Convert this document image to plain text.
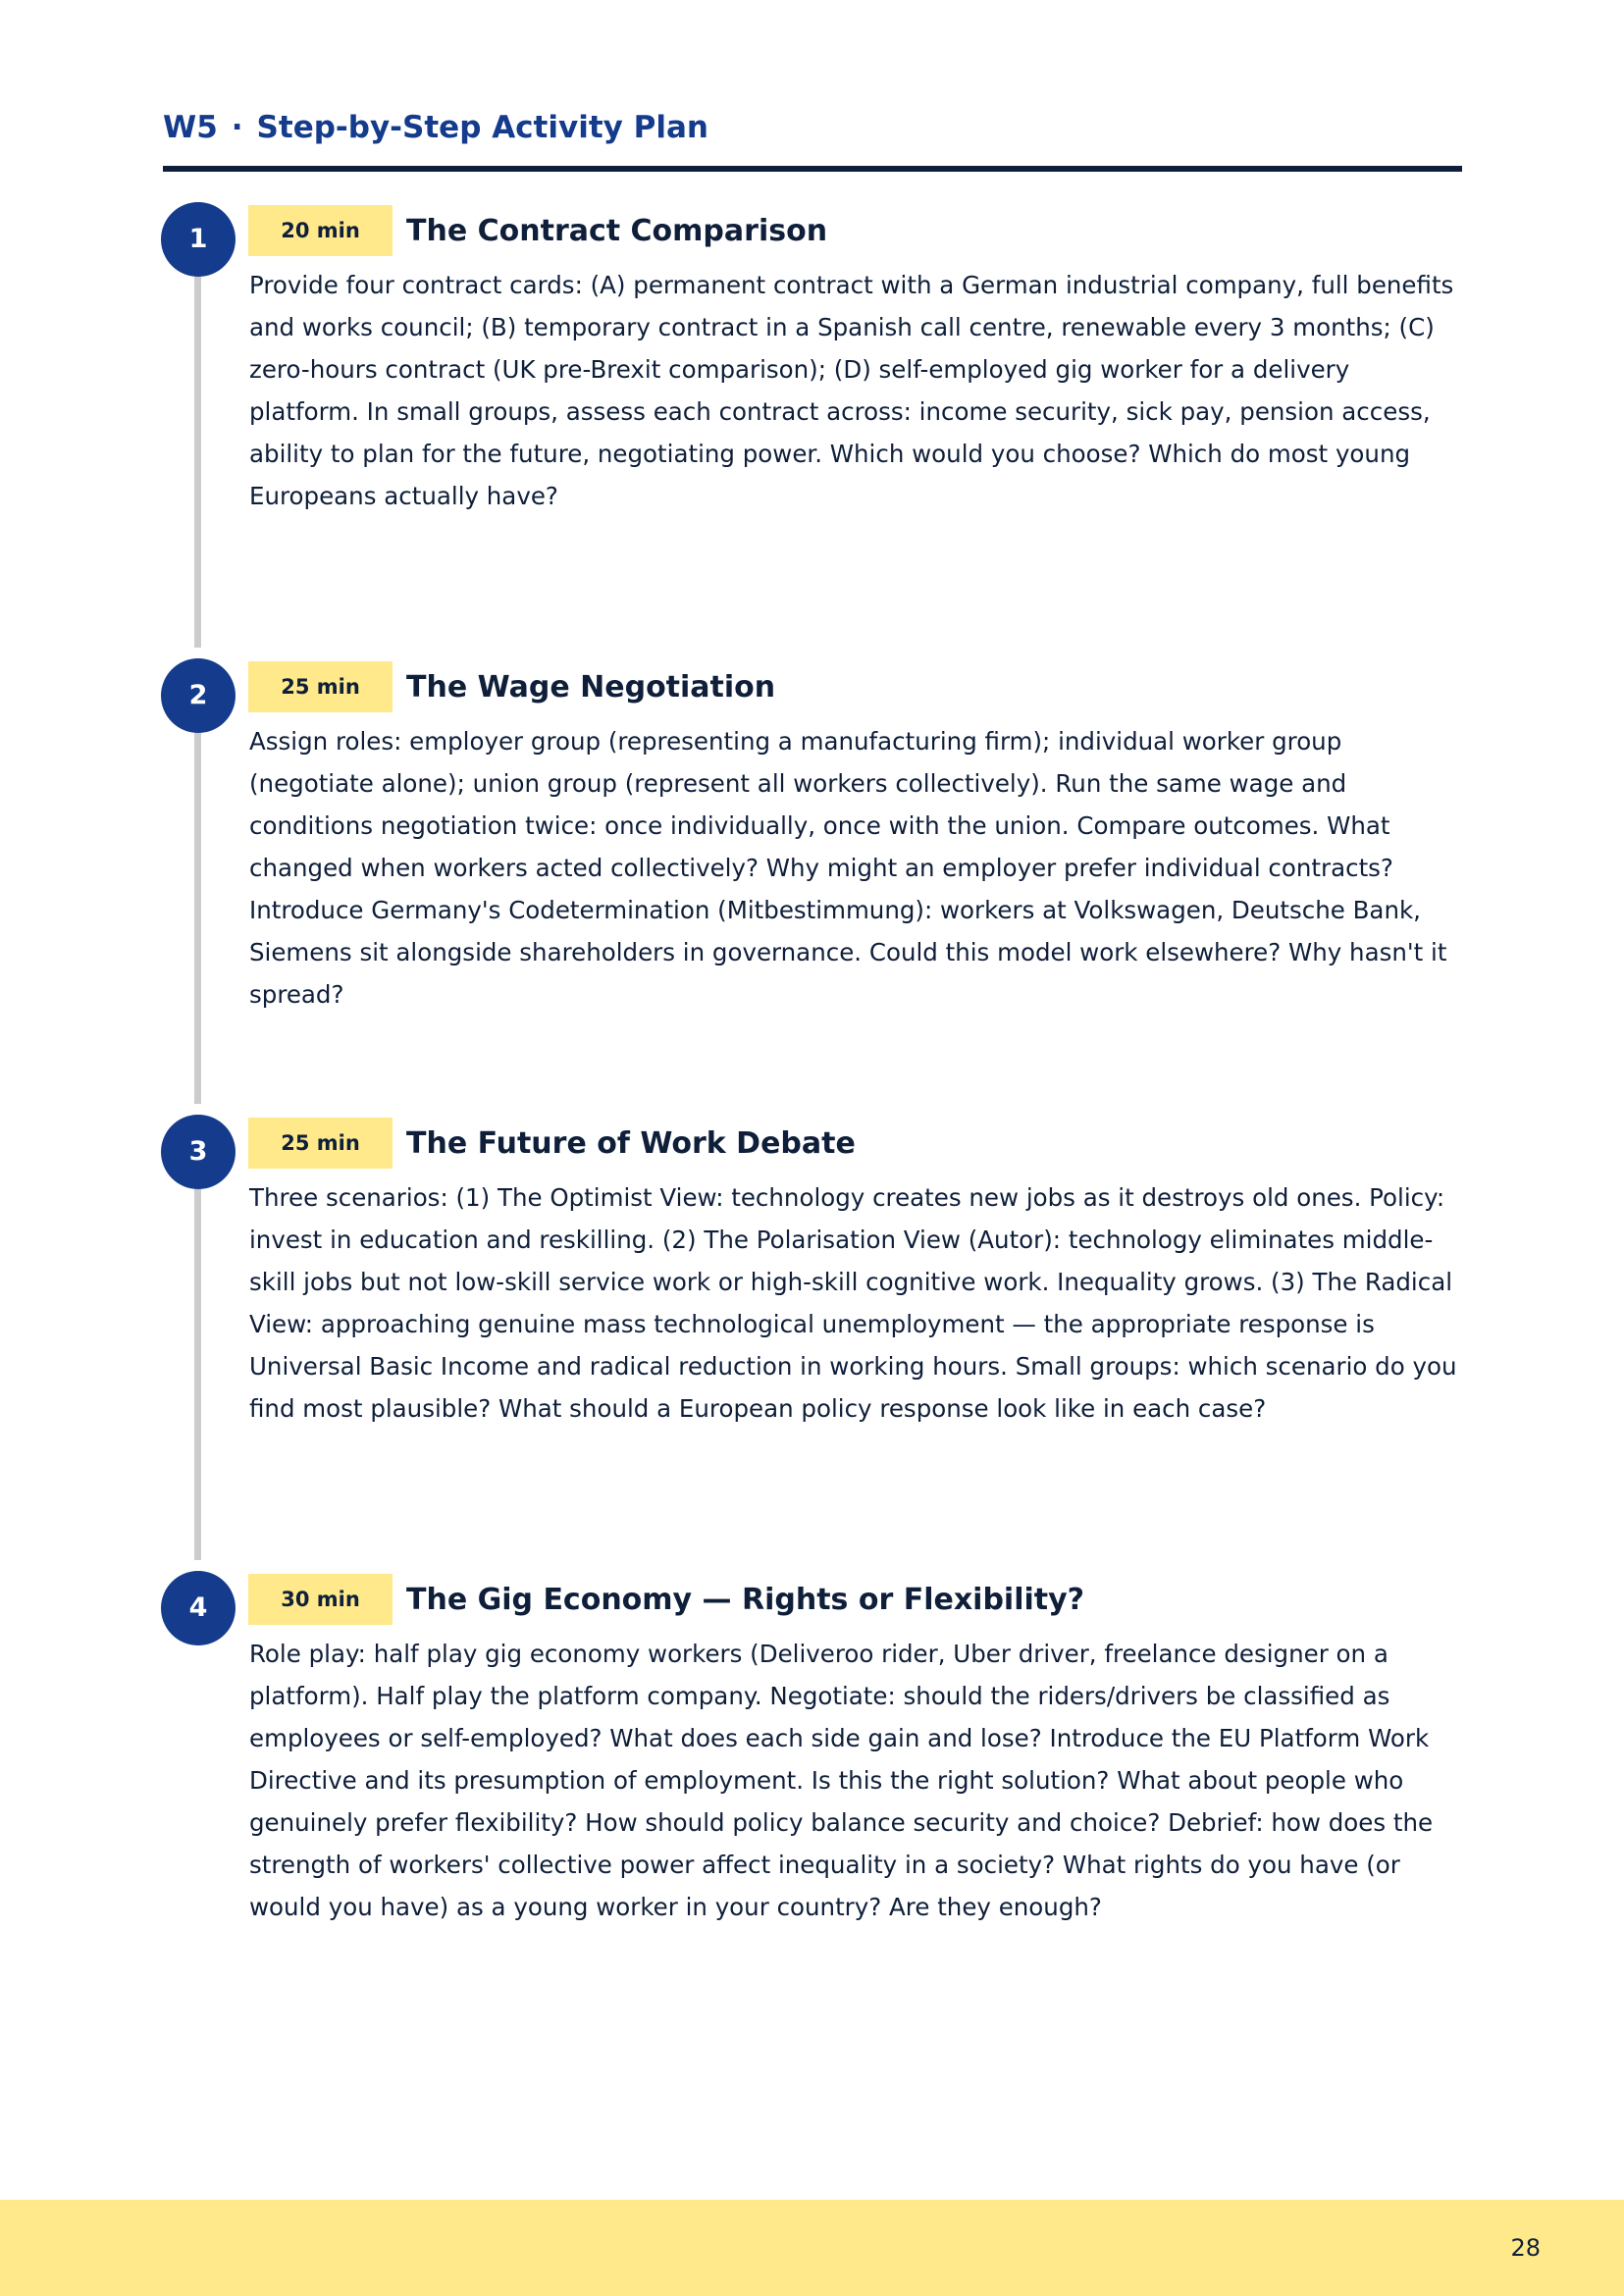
W5 · Step-by-Step Activity Plan
1	20 min	The Contract Comparison

Provide four contract cards: (A) permanent contract with a German industrial company, full benefits and works council; (B) temporary contract in a Spanish call centre, renewable every 3 months; (C) zero-hours contract (UK pre-Brexit comparison); (D) self-employed gig worker for a delivery platform. In small groups, assess each contract across: income security, sick pay, pension access, ability to plan for the future, negotiating power. Which would you choose? Which do most young Europeans actually have?

2	25 min	The Wage Negotiation

Assign roles: employer group (representing a manufacturing firm); individual worker group (negotiate alone); union group (represent all workers collectively). Run the same wage and conditions negotiation twice: once individually, once with the union. Compare outcomes. What changed when workers acted collectively? Why might an employer prefer individual contracts? Introduce Germany's Codetermination (Mitbestimmung): workers at Volkswagen, Deutsche Bank, Siemens sit alongside shareholders in governance. Could this model work elsewhere? Why hasn't it spread?

3	25 min	The Future of Work Debate

Three scenarios: (1) The Optimist View: technology creates new jobs as it destroys old ones. Policy: invest in education and reskilling. (2) The Polarisation View (Autor): technology eliminates middle-skill jobs but not low-skill service work or high-skill cognitive work. Inequality grows. (3) The Radical View: approaching genuine mass technological unemployment — the appropriate response is Universal Basic Income and radical reduction in working hours. Small groups: which scenario do you find most plausible? What should a European policy response look like in each case?

4	30 min	The Gig Economy — Rights or Flexibility?

Role play: half play gig economy workers (Deliveroo rider, Uber driver, freelance designer on a platform). Half play the platform company. Negotiate: should the riders/drivers be classified as employees or self-employed? What does each side gain and lose? Introduce the EU Platform Work Directive and its presumption of employment. Is this the right solution? What about people who genuinely prefer flexibility? How should policy balance security and choice? Debrief: how does the strength of workers' collective power affect inequality in a society? What rights do you have (or would you have) as a young worker in your country? Are they enough?

28
